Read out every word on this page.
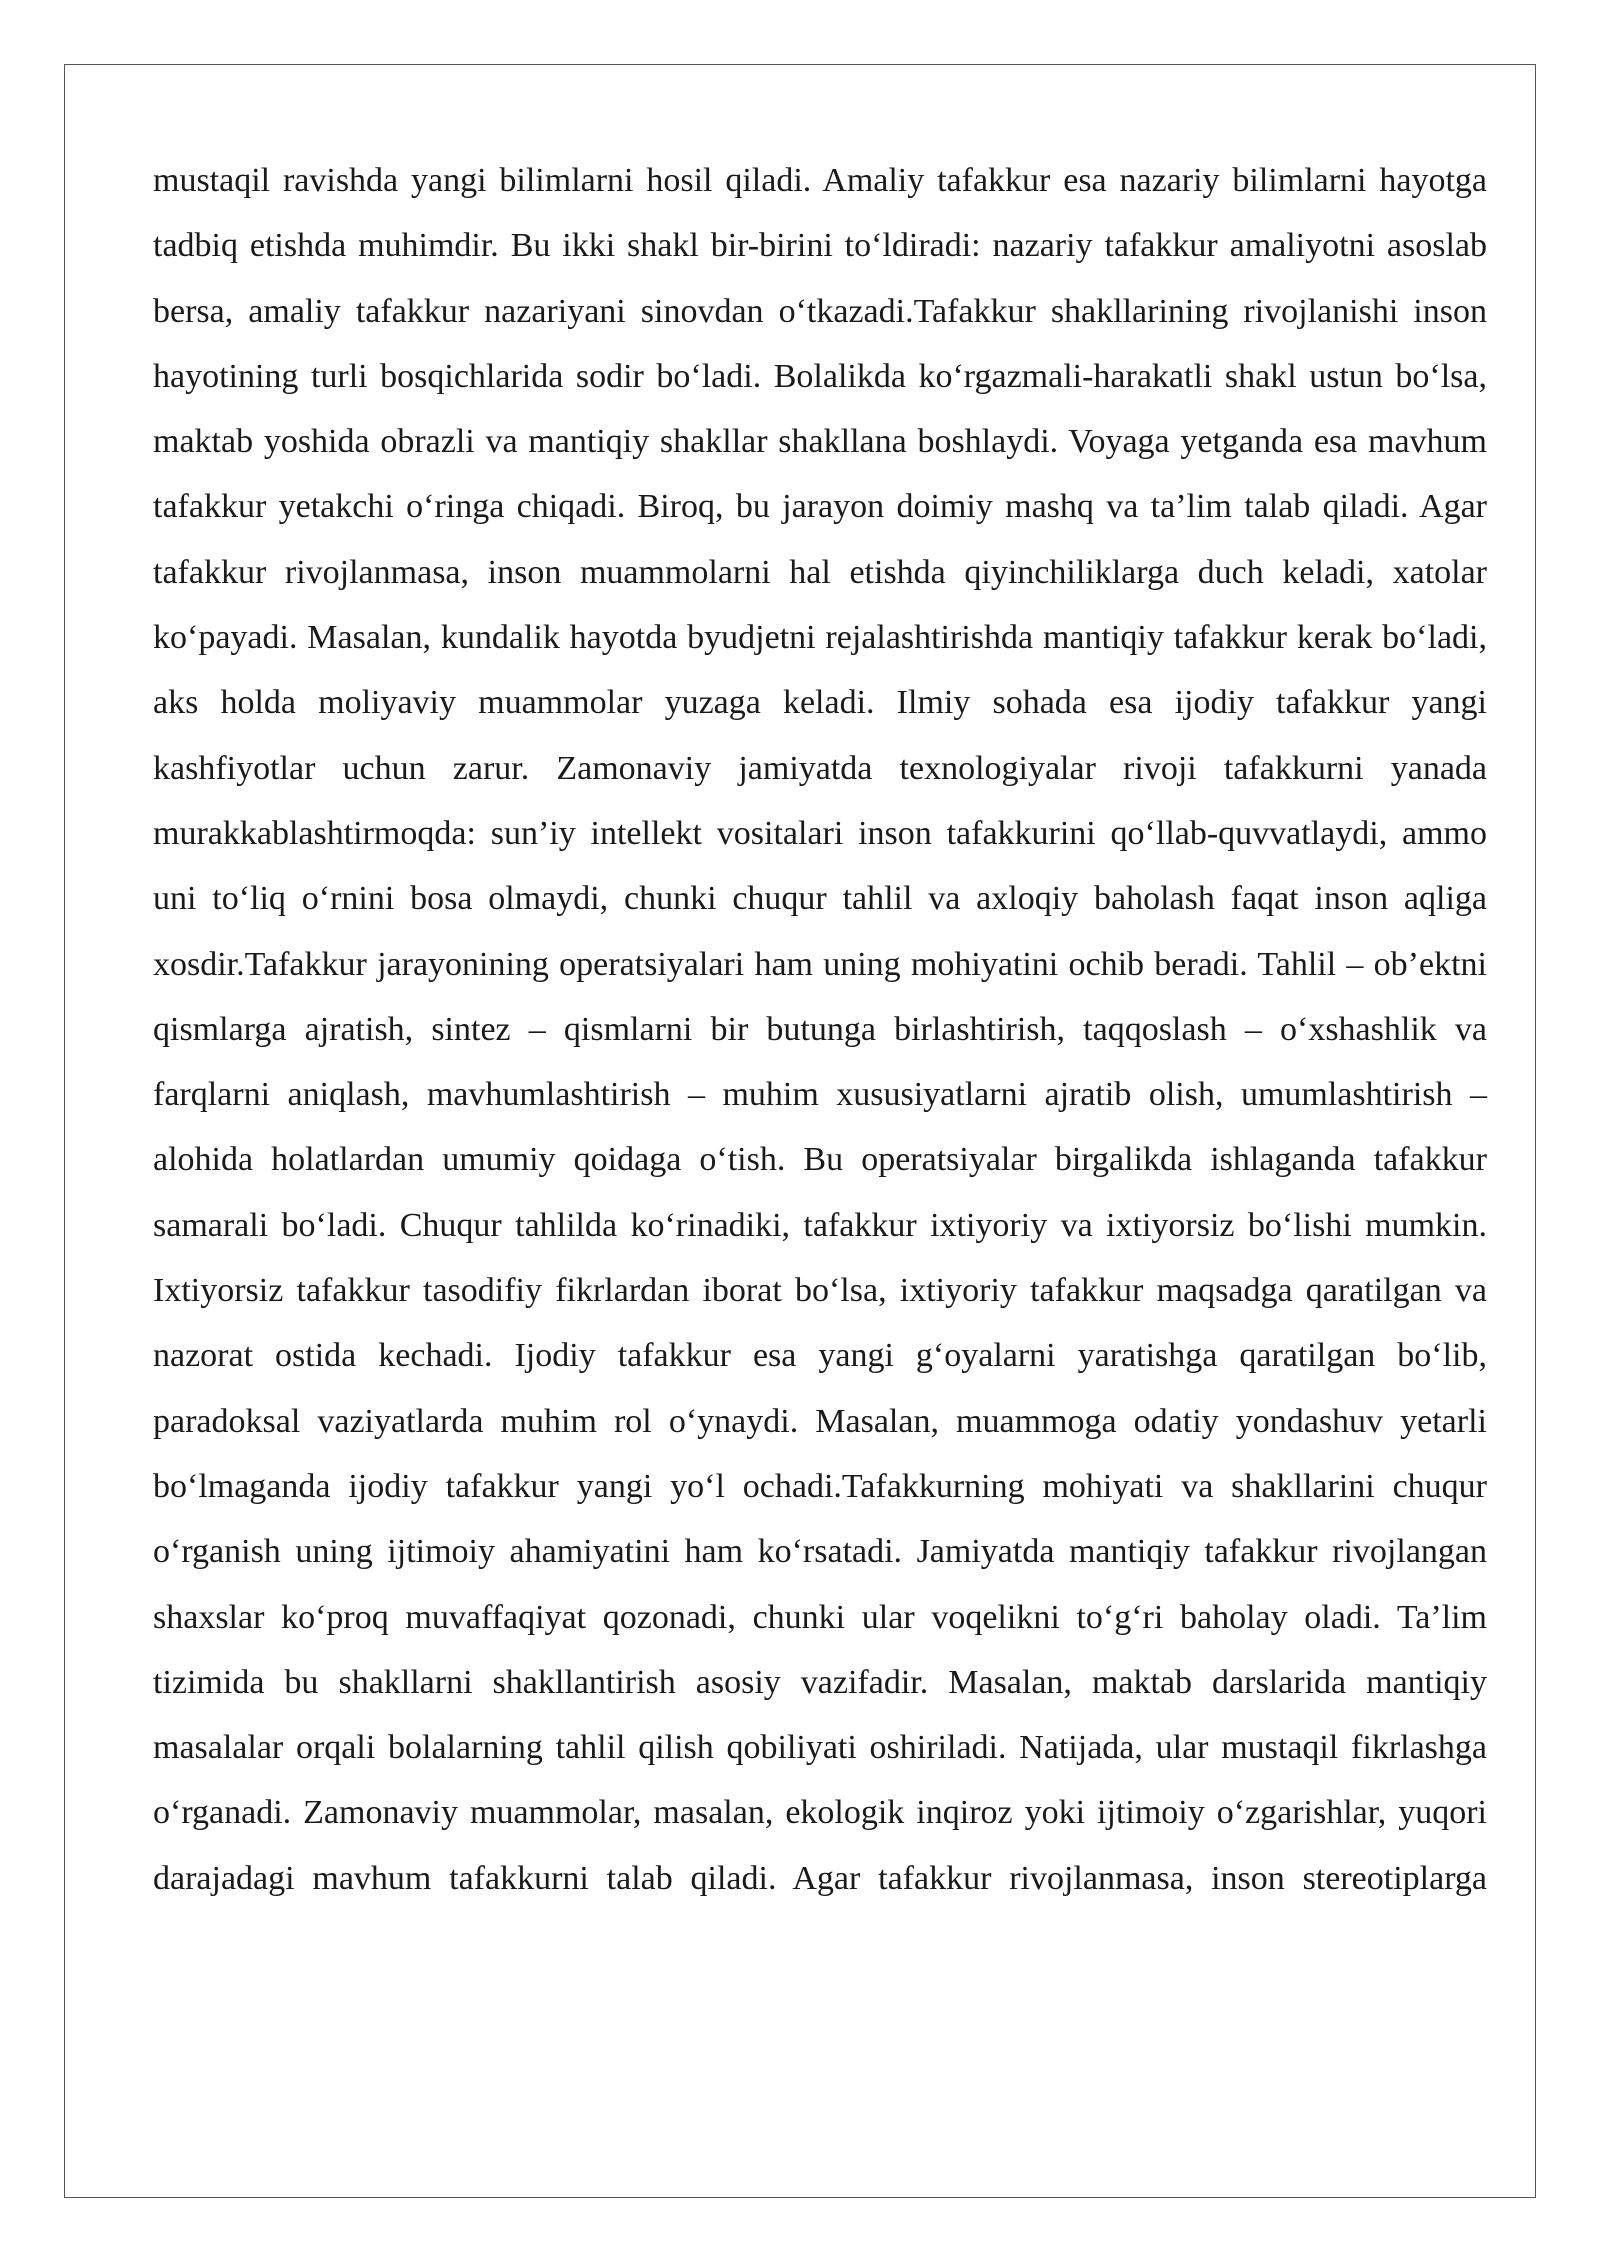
mustaqil ravishda yangi bilimlarni hosil qiladi. Amaliy tafakkur esa nazariy bilimlarni hayotga tadbiq etishda muhimdir. Bu ikki shakl bir-birini to‘ldiradi: nazariy tafakkur amaliyotni asoslab bersa, amaliy tafakkur nazariyani sinovdan o‘tkazadi.Tafakkur shakllarining rivojlanishi inson hayotining turli bosqichlarida sodir bo‘ladi. Bolalikda ko‘rgazmali-harakatli shakl ustun bo‘lsa, maktab yoshida obrazli va mantiqiy shakllar shakllana boshlaydi. Voyaga yetganda esa mavhum tafakkur yetakchi o‘ringa chiqadi. Biroq, bu jarayon doimiy mashq va ta’lim talab qiladi. Agar tafakkur rivojlanmasa, inson muammolarni hal etishda qiyinchiliklarga duch keladi, xatolar ko‘payadi. Masalan, kundalik hayotda byudjetni rejalashtirishda mantiqiy tafakkur kerak bo‘ladi, aks holda moliyaviy muammolar yuzaga keladi. Ilmiy sohada esa ijodiy tafakkur yangi kashfiyotlar uchun zarur. Zamonaviy jamiyatda texnologiyalar rivoji tafakkurni yanada murakkablashtirmoqda: sun’iy intellekt vositalari inson tafakkurini qo‘llab-quvvatlaydi, ammo uni to‘liq o‘rnini bosa olmaydi, chunki chuqur tahlil va axloqiy baholash faqat inson aqliga xosdir.Tafakkur jarayonining operatsiyalari ham uning mohiyatini ochib beradi. Tahlil – ob’ektni qismlarga ajratish, sintez – qismlarni bir butunga birlashtirish, taqqoslash – o‘xshashlik va farqlarni aniqlash, mavhumlashtirish – muhim xususiyatlarni ajratib olish, umumlashtirish – alohida holatlardan umumiy qoidaga o‘tish. Bu operatsiyalar birgalikda ishlaganda tafakkur samarali bo‘ladi. Chuqur tahlilda ko‘rinadiki, tafakkur ixtiyoriy va ixtiyorsiz bo‘lishi mumkin. Ixtiyorsiz tafakkur tasodifiy fikrlardan iborat bo‘lsa, ixtiyoriy tafakkur maqsadga qaratilgan va nazorat ostida kechadi. Ijodiy tafakkur esa yangi g‘oyalarni yaratishga qaratilgan bo‘lib, paradoksal vaziyatlarda muhim rol o‘ynaydi. Masalan, muammoga odatiy yondashuv yetarli bo‘lmaganda ijodiy tafakkur yangi yo‘l ochadi.Tafakkurning mohiyati va shakllarini chuqur o‘rganish uning ijtimoiy ahamiyatini ham ko‘rsatadi. Jamiyatda mantiqiy tafakkur rivojlangan shaxslar ko‘proq muvaffaqiyat qozonadi, chunki ular voqelikni to‘g‘ri baholay oladi. Ta’lim tizimida bu shakllarni shakllantirish asosiy vazifadir. Masalan, maktab darslarida mantiqiy masalalar orqali bolalarning tahlil qilish qobiliyati oshiriladi. Natijada, ular mustaqil fikrlashga o‘rganadi. Zamonaviy muammolar, masalan, ekologik inqiroz yoki ijtimoiy o‘zgarishlar, yuqori darajadagi mavhum tafakkurni talab qiladi. Agar tafakkur rivojlanmasa, inson stereotiplarga
